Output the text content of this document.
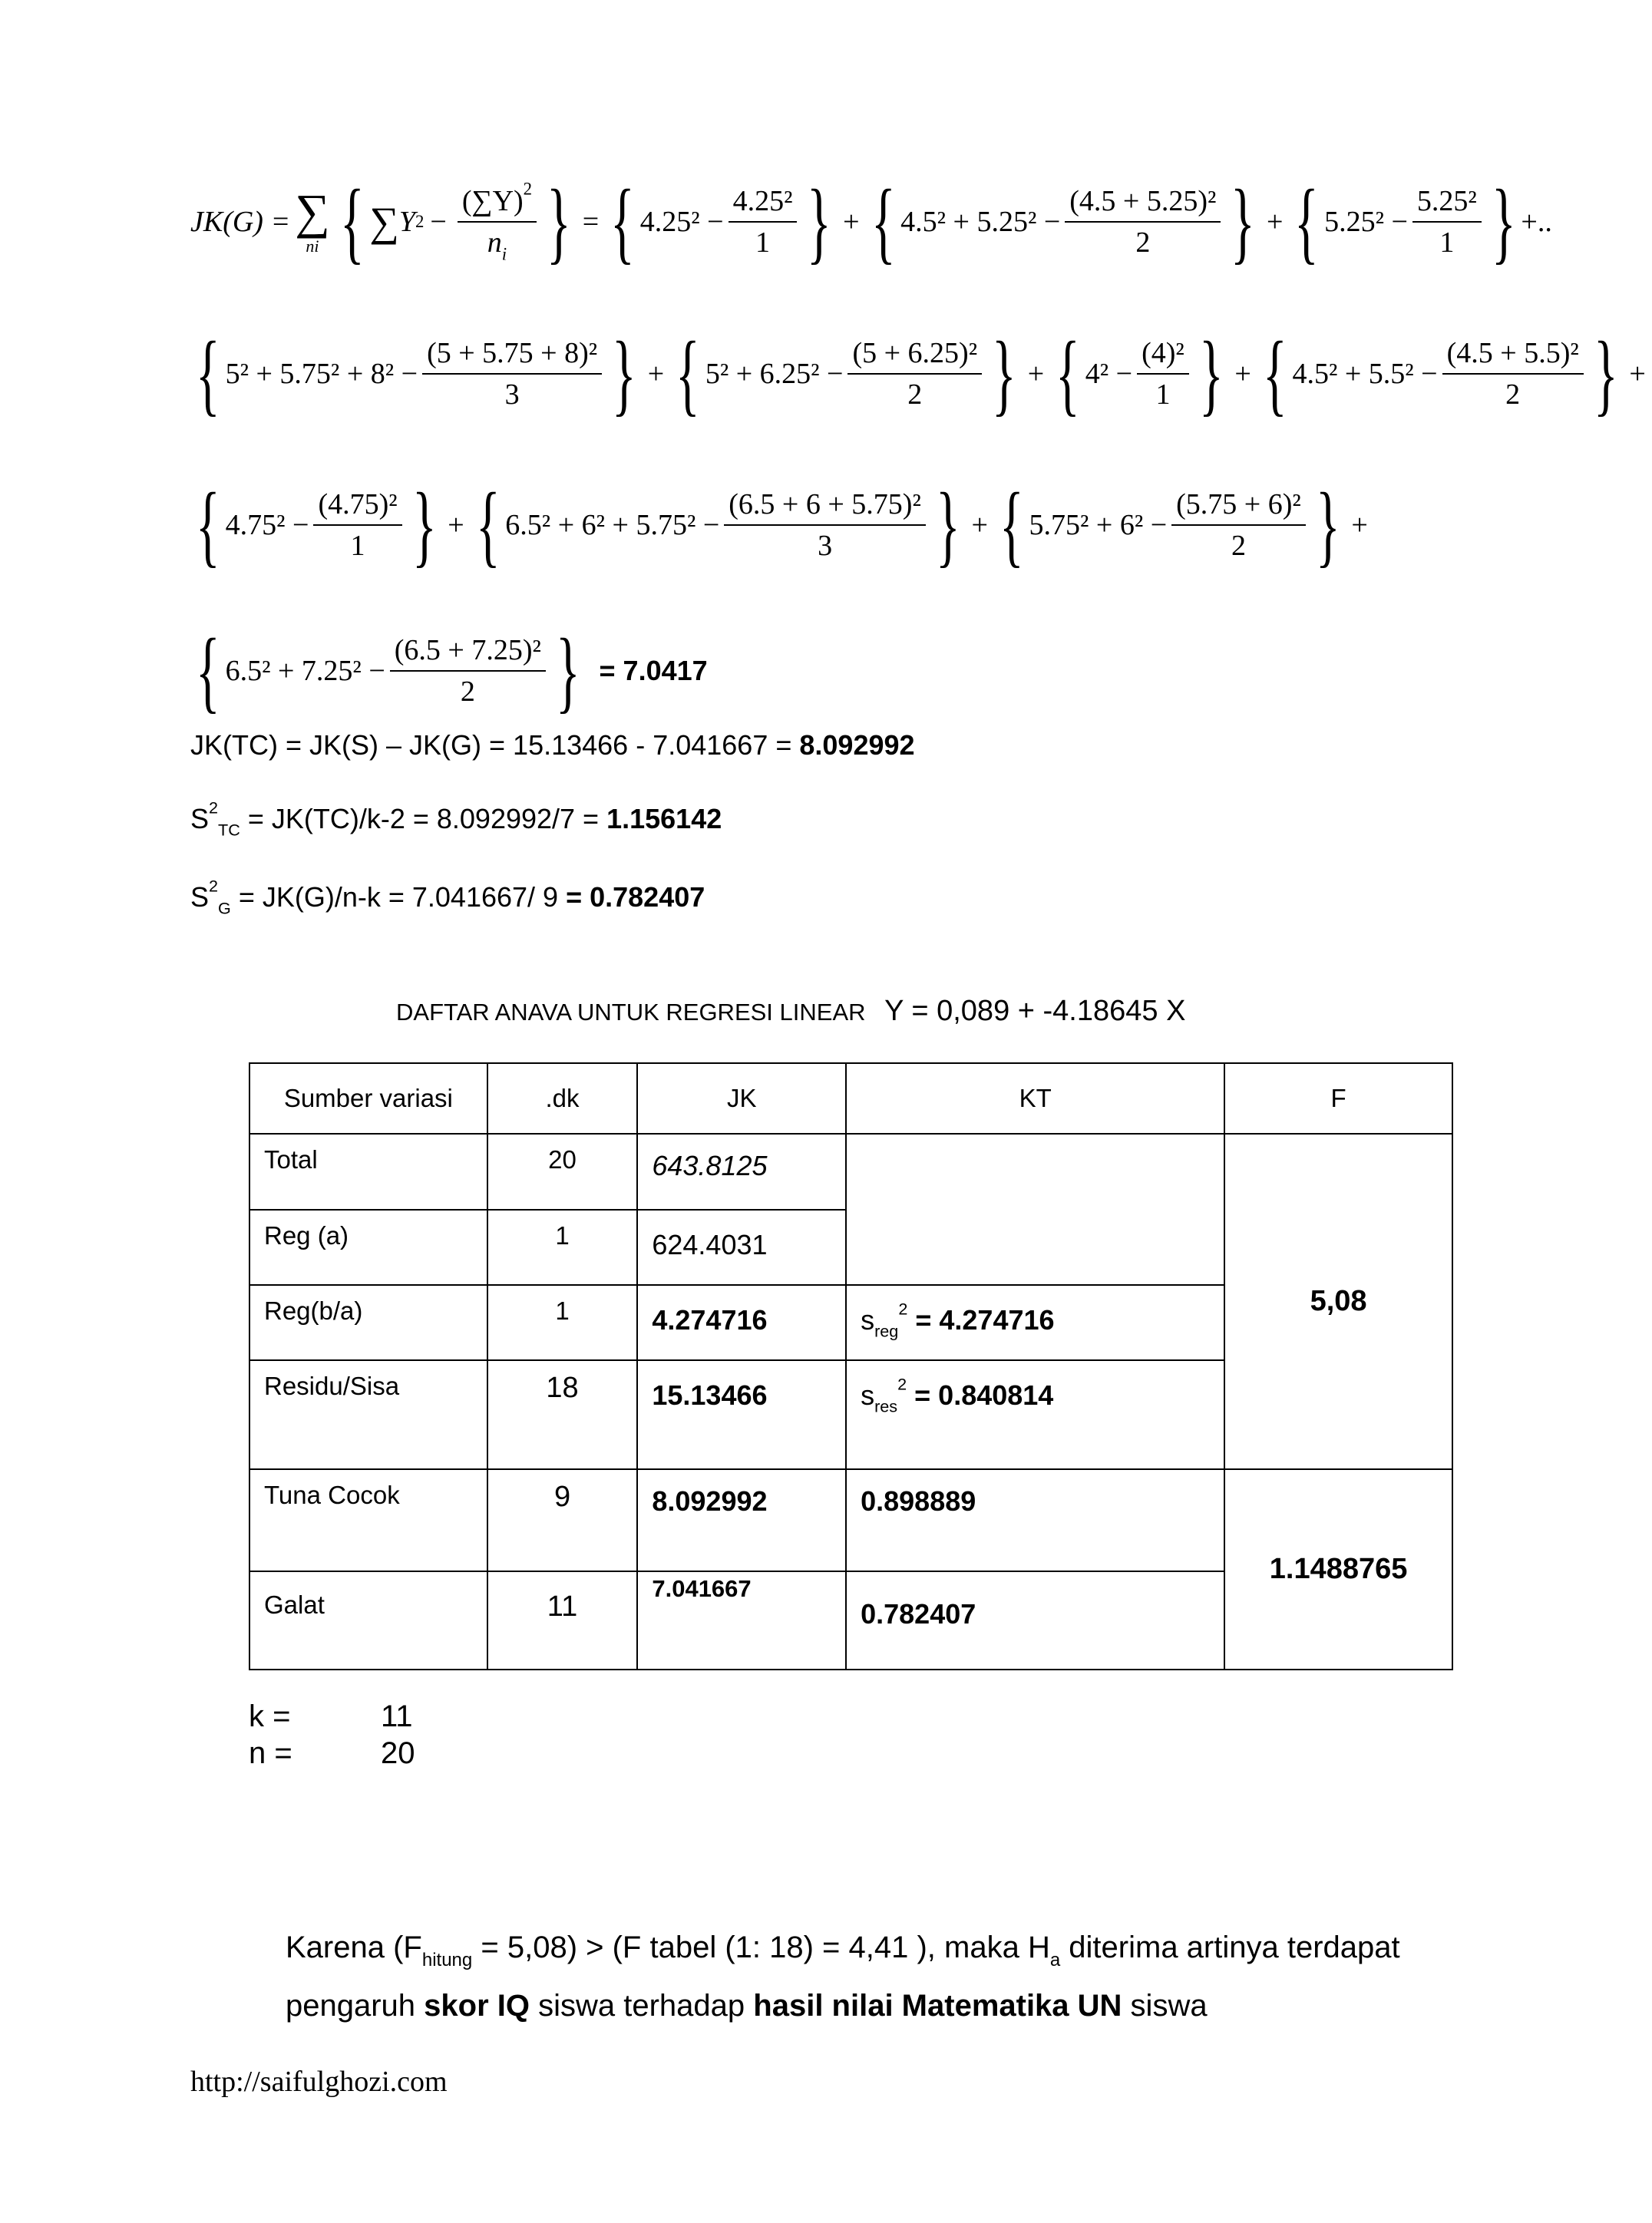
JK(G) = ∑
ni { ∑ Y $2 - \frac{(\sum Y)^2}{n_i}$ } = { $4.25^2 - \frac{\text{4.25²}}{1}$ } + { $4.5^2 + 5.25^2 - \frac{\text{(4.5 + 5.25)²}}{2}$ } + { $5.25^2 - \frac{\text{5.25²}}{1}$ } +..
{ $5^2 + 5.75^2 + 8^2 - \frac{\text{(5 + 5.75 + 8)²}}{3}$ } + { $5^2 + 6.25^2 - \frac{\text{(5 + 6.25)²}}{2}$ } + { $4^2 - \frac{\text{(4)²}}{1}$ } + { $4.5^2 + 5.5^2 - \frac{\text{(4.5 + 5.5)²}}{2}$ } +
{ $4.75^2 - \frac{\text{(4.75)²}}{1}$ } + { $6.5^2 + 6^2 + 5.75^2 - \frac{\text{(6.5 + 6 + 5.75)²}}{3}$ } + { $5.75^2 + 6^2 - \frac{\text{(5.75 + 6)²}}{2}$ } +
{ $6.5^2 + 7.25^2 - \frac{\text{(6.5 + 7.25)²}}{2}$ } = 7.0417
JK(TC) = JK(S) – JK(G) = 15.13466 - 7.041667 = 8.092992
$S^2_{TC} = JK(TC)/k-2 = 8.092992/7 = 1.156142$
$S^2_G = JK(G)/n-k = 7.041667/$ 9 = 0.782407
DAFTAR ANAVA UNTUK REGRESI LINEAR Y = 0,089 + -4.18645 X
Sumber variasi	.dk	JK	KT	F
Total	20	643.8125		5,08
Reg (a)	1	624.4031		
Reg(b/a)	1	4.274716	$s_{reg}^2 = 4.274716$	
Residu/Sisa	18	15.13466	$s_{res}^2 = 0.840814$	
Tuna Cocok	9	8.092992	0.898889	1.1488765
Galat	11	7.041667	0.782407	
k =	11
n =	20
Karena $(F_{hitung} = 5,08) > (F$ tabel (1: 18) = 4,41 ), maka $H_a$ diterima artinya terdapat
pengaruh skor IQ siswa terhadap hasil nilai Matematika UN siswa
http://saifulghozi.com
